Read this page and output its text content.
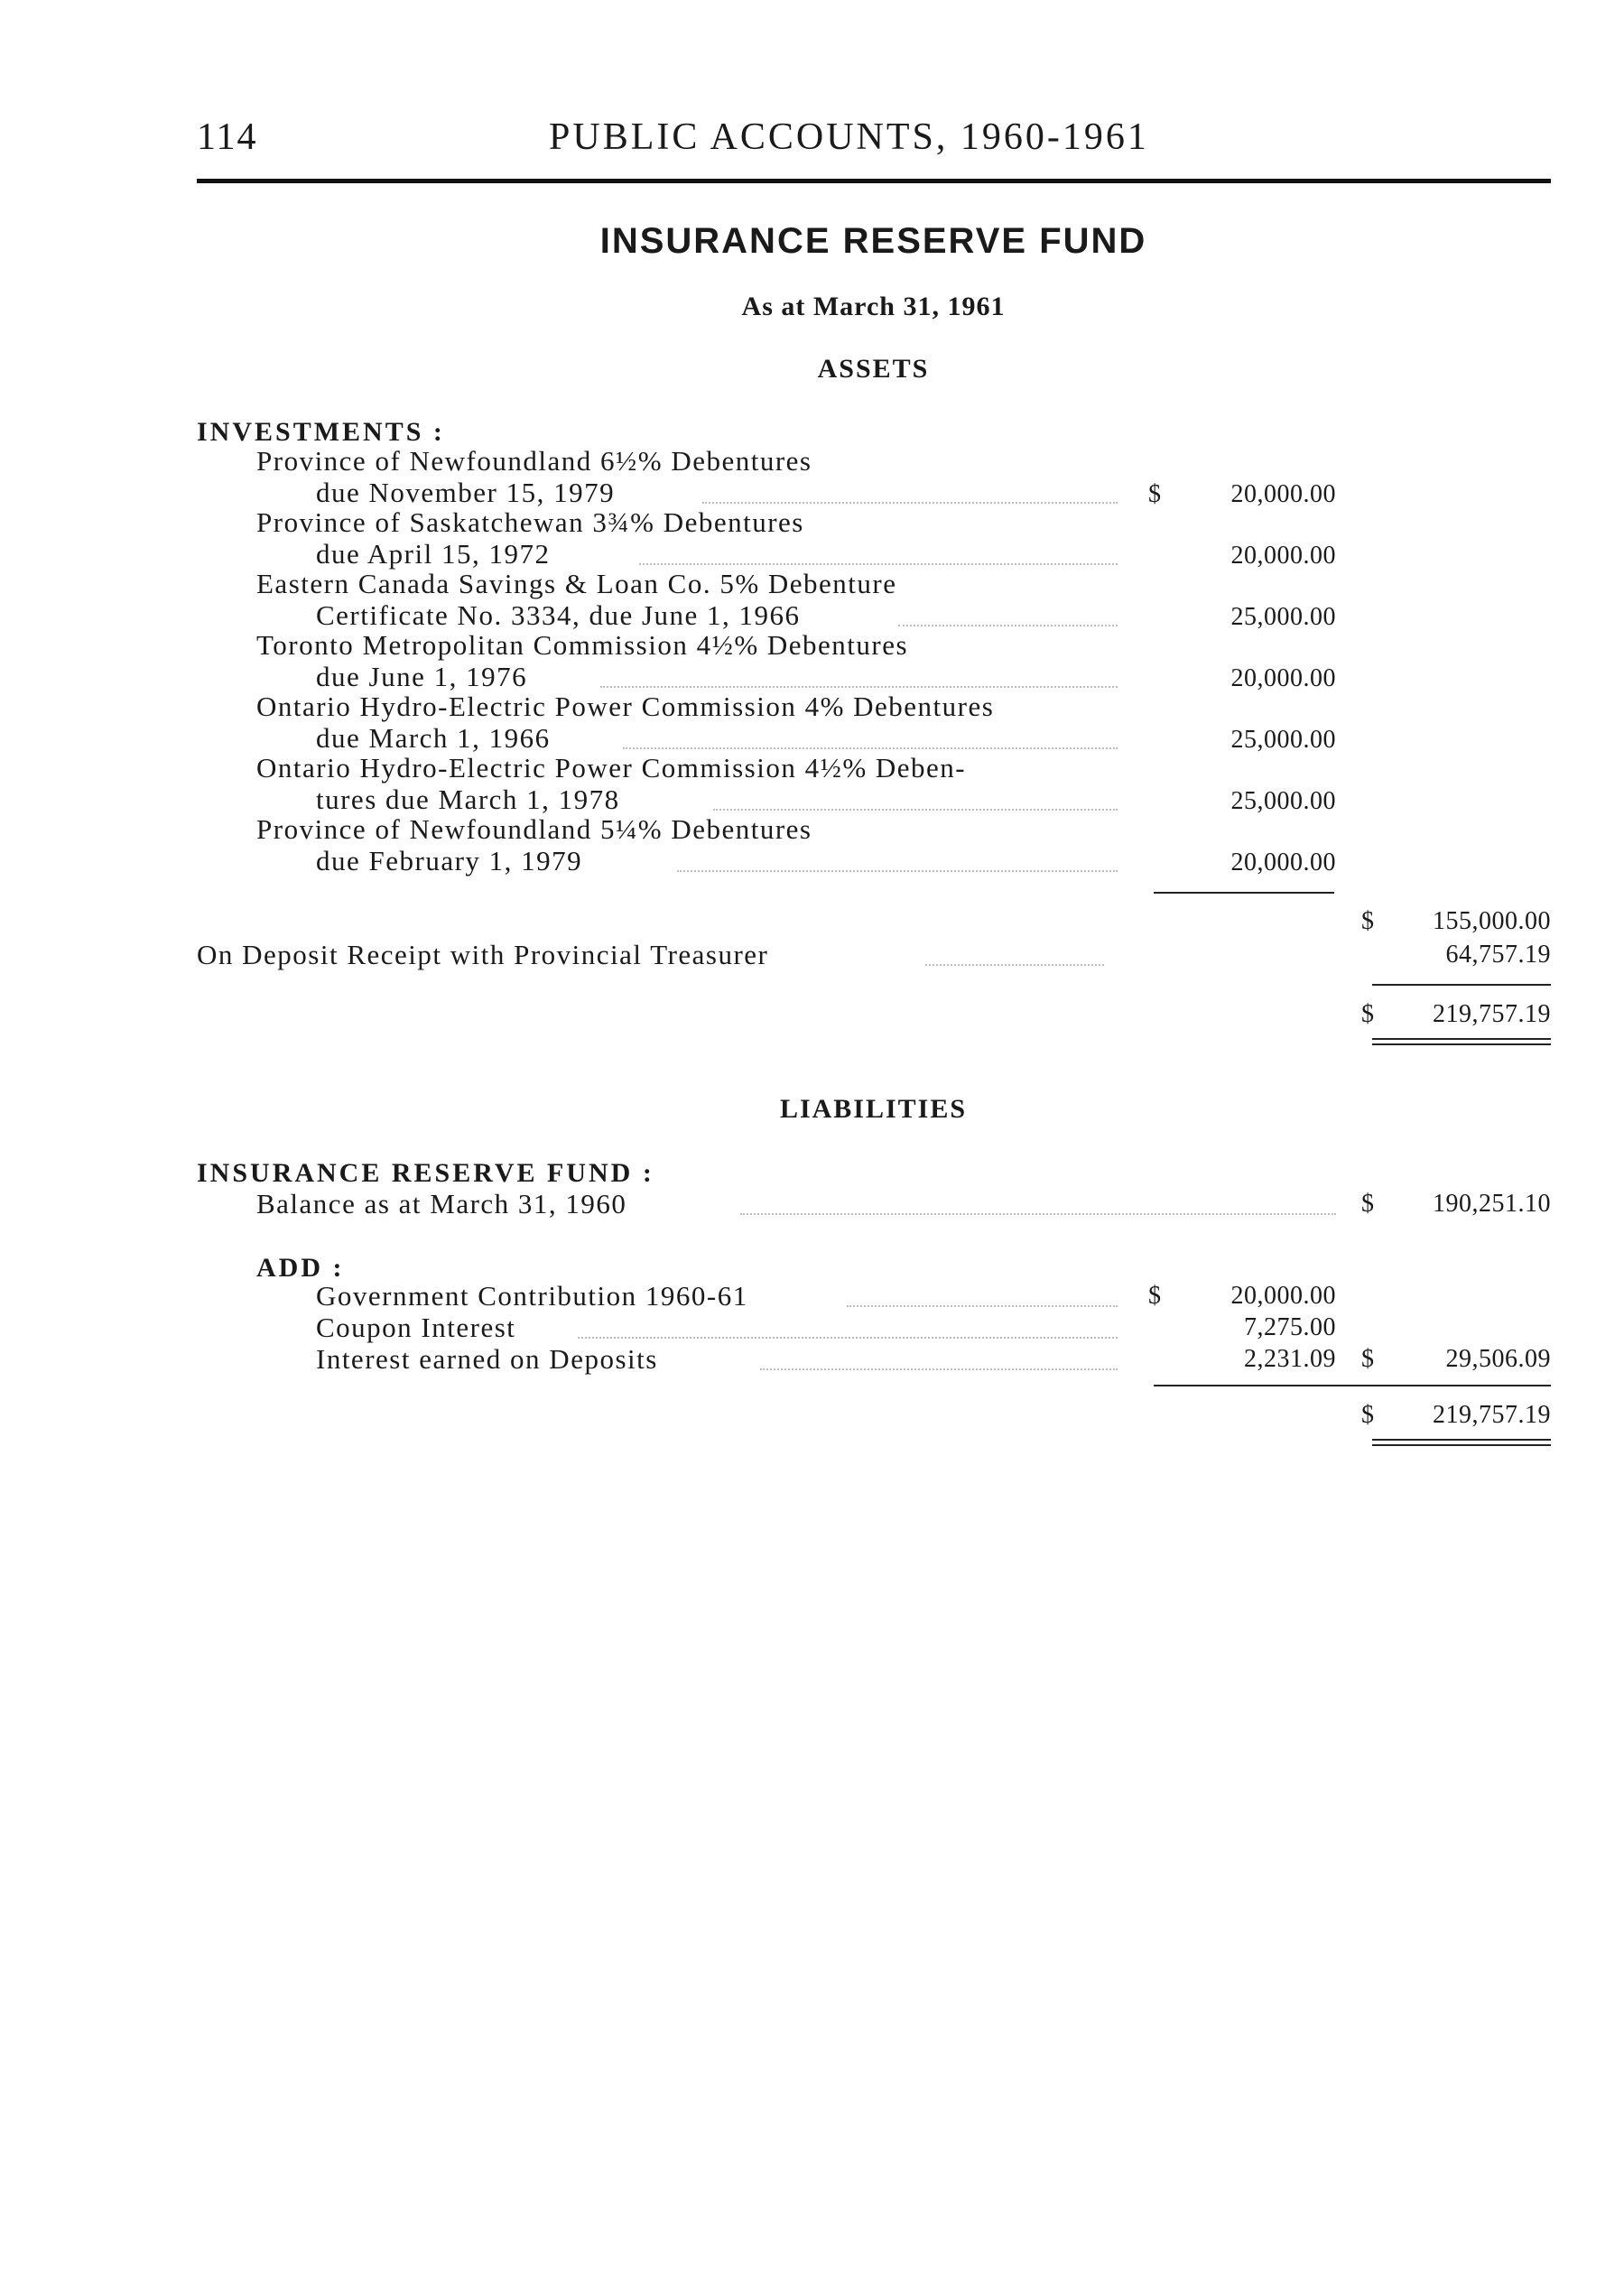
114	PUBLIC ACCOUNTS, 1960-1961
INSURANCE RESERVE FUND
As at March 31, 1961
ASSETS
INVESTMENTS :
Province of Newfoundland 6½% Debentures
due November 15, 1979	$	20,000.00
Province of Saskatchewan 3¾% Debentures
due April 15, 1972	20,000.00
Eastern Canada Savings & Loan Co. 5% Debenture
Certificate No. 3334, due June 1, 1966	25,000.00
Toronto Metropolitan Commission 4½% Debentures
due June 1, 1976	20,000.00
Ontario Hydro-Electric Power Commission 4% Debentures
due March 1, 1966	25,000.00
Ontario Hydro-Electric Power Commission 4½% Deben-
tures due March 1, 1978	25,000.00
Province of Newfoundland 5¼% Debentures
due February 1, 1979	20,000.00
$	155,000.00
On Deposit Receipt with Provincial Treasurer	64,757.19
$	219,757.19
LIABILITIES
INSURANCE RESERVE FUND :
Balance as at March 31, 1960	$	190,251.10
ADD :
Government Contribution 1960-61	$	20,000.00
Coupon Interest	7,275.00
Interest earned on Deposits	2,231.09 $	29,506.09
$	219,757.19
